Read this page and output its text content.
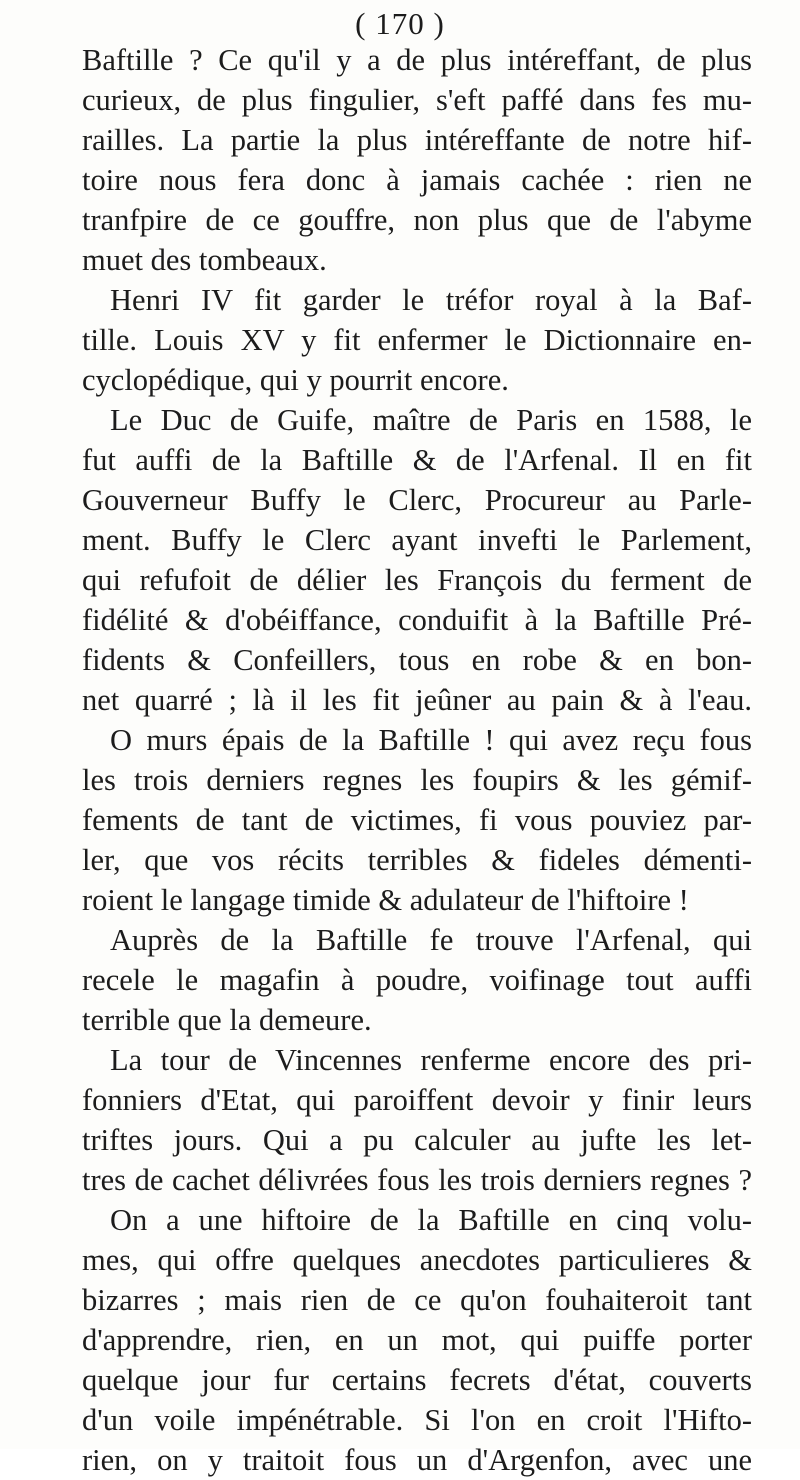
( 170 )
Baftille ? Ce qu'il y a de plus intéreffant, de plus
curieux, de plus fingulier, s'eft paffé dans fes mu-
railles. La partie la plus intéreffante de notre hif-
toire nous fera donc à jamais cachée : rien ne
tranfpire de ce gouffre, non plus que de l'abyme
muet des tombeaux.
Henri IV fit garder le tréfor royal à la Baf-
tille. Louis XV y fit enfermer le Dictionnaire en-
cyclopédique, qui y pourrit encore.
Le Duc de Guife, maître de Paris en 1588, le
fut auffi de la Baftille & de l'Arfenal. Il en fit
Gouverneur Buffy le Clerc, Procureur au Parle-
ment. Buffy le Clerc ayant invefti le Parlement,
qui refufoit de délier les François du ferment de
fidélité & d'obéiffance, conduifit à la Baftille Pré-
fidents & Confeillers, tous en robe & en bon-
net quarré ; là il les fit jeûner au pain & à l'eau.
O murs épais de la Baftille ! qui avez reçu fous
les trois derniers regnes les foupirs & les gémif-
fements de tant de victimes, fi vous pouviez par-
ler, que vos récits terribles & fideles démenti-
roient le langage timide & adulateur de l'hiftoire !
Auprès de la Baftille fe trouve l'Arfenal, qui
recele le magafin à poudre, voifinage tout auffi
terrible que la demeure.
La tour de Vincennes renferme encore des pri-
fonniers d'Etat, qui paroiffent devoir y finir leurs
triftes jours. Qui a pu calculer au jufte les let-
tres de cachet délivrées fous les trois derniers regnes ?
On a une hiftoire de la Baftille en cinq volu-
mes, qui offre quelques anecdotes particulieres &
bizarres ; mais rien de ce qu'on fouhaiteroit tant
d'apprendre, rien, en un mot, qui puiffe porter
quelque jour fur certains fecrets d'état, couverts
d'un voile impénétrable. Si l'on en croit l'Hifto-
rien, on y traitoit fous un d'Argenfon, avec une
